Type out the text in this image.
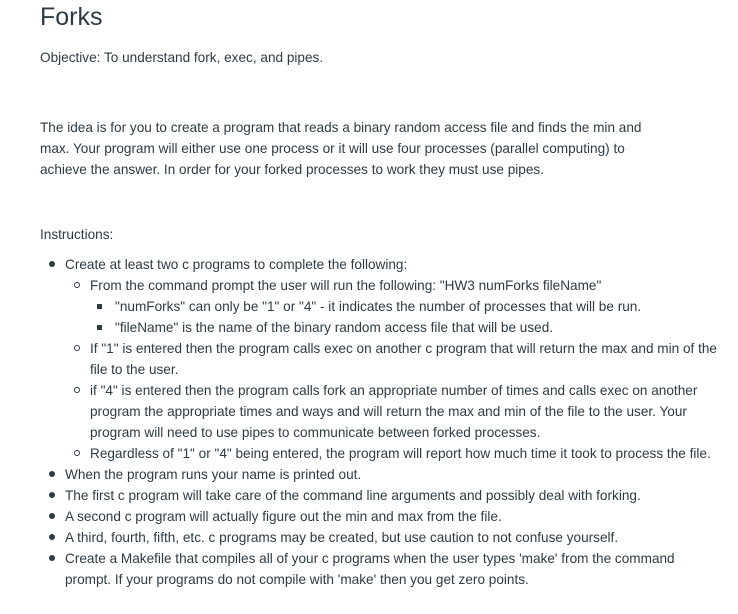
Forks

Objective: To understand fork, exec, and pipes.

The idea is for you to create a program that reads a binary random access file and finds the min and max. Your program will either use one process or it will use four processes (parallel computing) to achieve the answer. In order for your forked processes to work they must use pipes.

Instructions:

Create at least two c programs to complete the following:
From the command prompt the user will run the following: "HW3 numForks fileName"
"numForks" can only be "1" or "4" - it indicates the number of processes that will be run.
"fileName" is the name of the binary random access file that will be used.
If "1" is entered then the program calls exec on another c program that will return the max and min of the file to the user.
if "4" is entered then the program calls fork an appropriate number of times and calls exec on another program the appropriate times and ways and will return the max and min of the file to the user. Your program will need to use pipes to communicate between forked processes.
Regardless of "1" or "4" being entered, the program will report how much time it took to process the file.
When the program runs your name is printed out.
The first c program will take care of the command line arguments and possibly deal with forking.
A second c program will actually figure out the min and max from the file.
A third, fourth, fifth, etc. c programs may be created, but use caution to not confuse yourself.
Create a Makefile that compiles all of your c programs when the user types 'make' from the command prompt. If your programs do not compile with 'make' then you get zero points.
